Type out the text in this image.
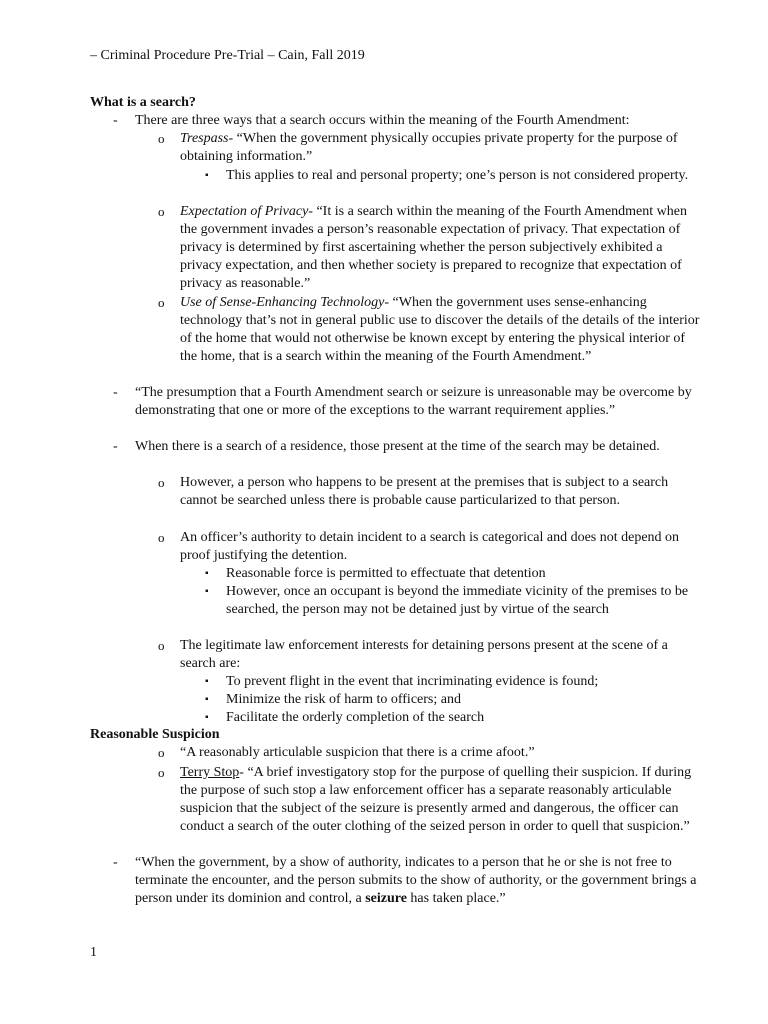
– Criminal Procedure Pre-Trial – Cain, Fall 2019
What is a search?
- There are three ways that a search occurs within the meaning of the Fourth Amendment:
o Trespass- “When the government physically occupies private property for the purpose of obtaining information.”
▪ This applies to real and personal property; one’s person is not considered property.
o Expectation of Privacy- “It is a search within the meaning of the Fourth Amendment when the government invades a person’s reasonable expectation of privacy. That expectation of privacy is determined by first ascertaining whether the person subjectively exhibited a privacy expectation, and then whether society is prepared to recognize that expectation of privacy as reasonable.”
o Use of Sense-Enhancing Technology- “When the government uses sense-enhancing technology that’s not in general public use to discover the details of the details of the interior of the home that would not otherwise be known except by entering the physical interior of the home, that is a search within the meaning of the Fourth Amendment.”
- “The presumption that a Fourth Amendment search or seizure is unreasonable may be overcome by demonstrating that one or more of the exceptions to the warrant requirement applies.”
- When there is a search of a residence, those present at the time of the search may be detained.
o However, a person who happens to be present at the premises that is subject to a search cannot be searched unless there is probable cause particularized to that person.
o An officer’s authority to detain incident to a search is categorical and does not depend on proof justifying the detention.
▪ Reasonable force is permitted to effectuate that detention
▪ However, once an occupant is beyond the immediate vicinity of the premises to be searched, the person may not be detained just by virtue of the search
o The legitimate law enforcement interests for detaining persons present at the scene of a search are:
▪ To prevent flight in the event that incriminating evidence is found;
▪ Minimize the risk of harm to officers; and
▪ Facilitate the orderly completion of the search
Reasonable Suspicion
o “A reasonably articulable suspicion that there is a crime afoot.”
o Terry Stop- “A brief investigatory stop for the purpose of quelling their suspicion. If during the purpose of such stop a law enforcement officer has a separate reasonably articulable suspicion that the subject of the seizure is presently armed and dangerous, the officer can conduct a search of the outer clothing of the seized person in order to quell that suspicion.”
- “When the government, by a show of authority, indicates to a person that he or she is not free to terminate the encounter, and the person submits to the show of authority, or the government brings a person under its dominion and control, a seizure has taken place.”
1
